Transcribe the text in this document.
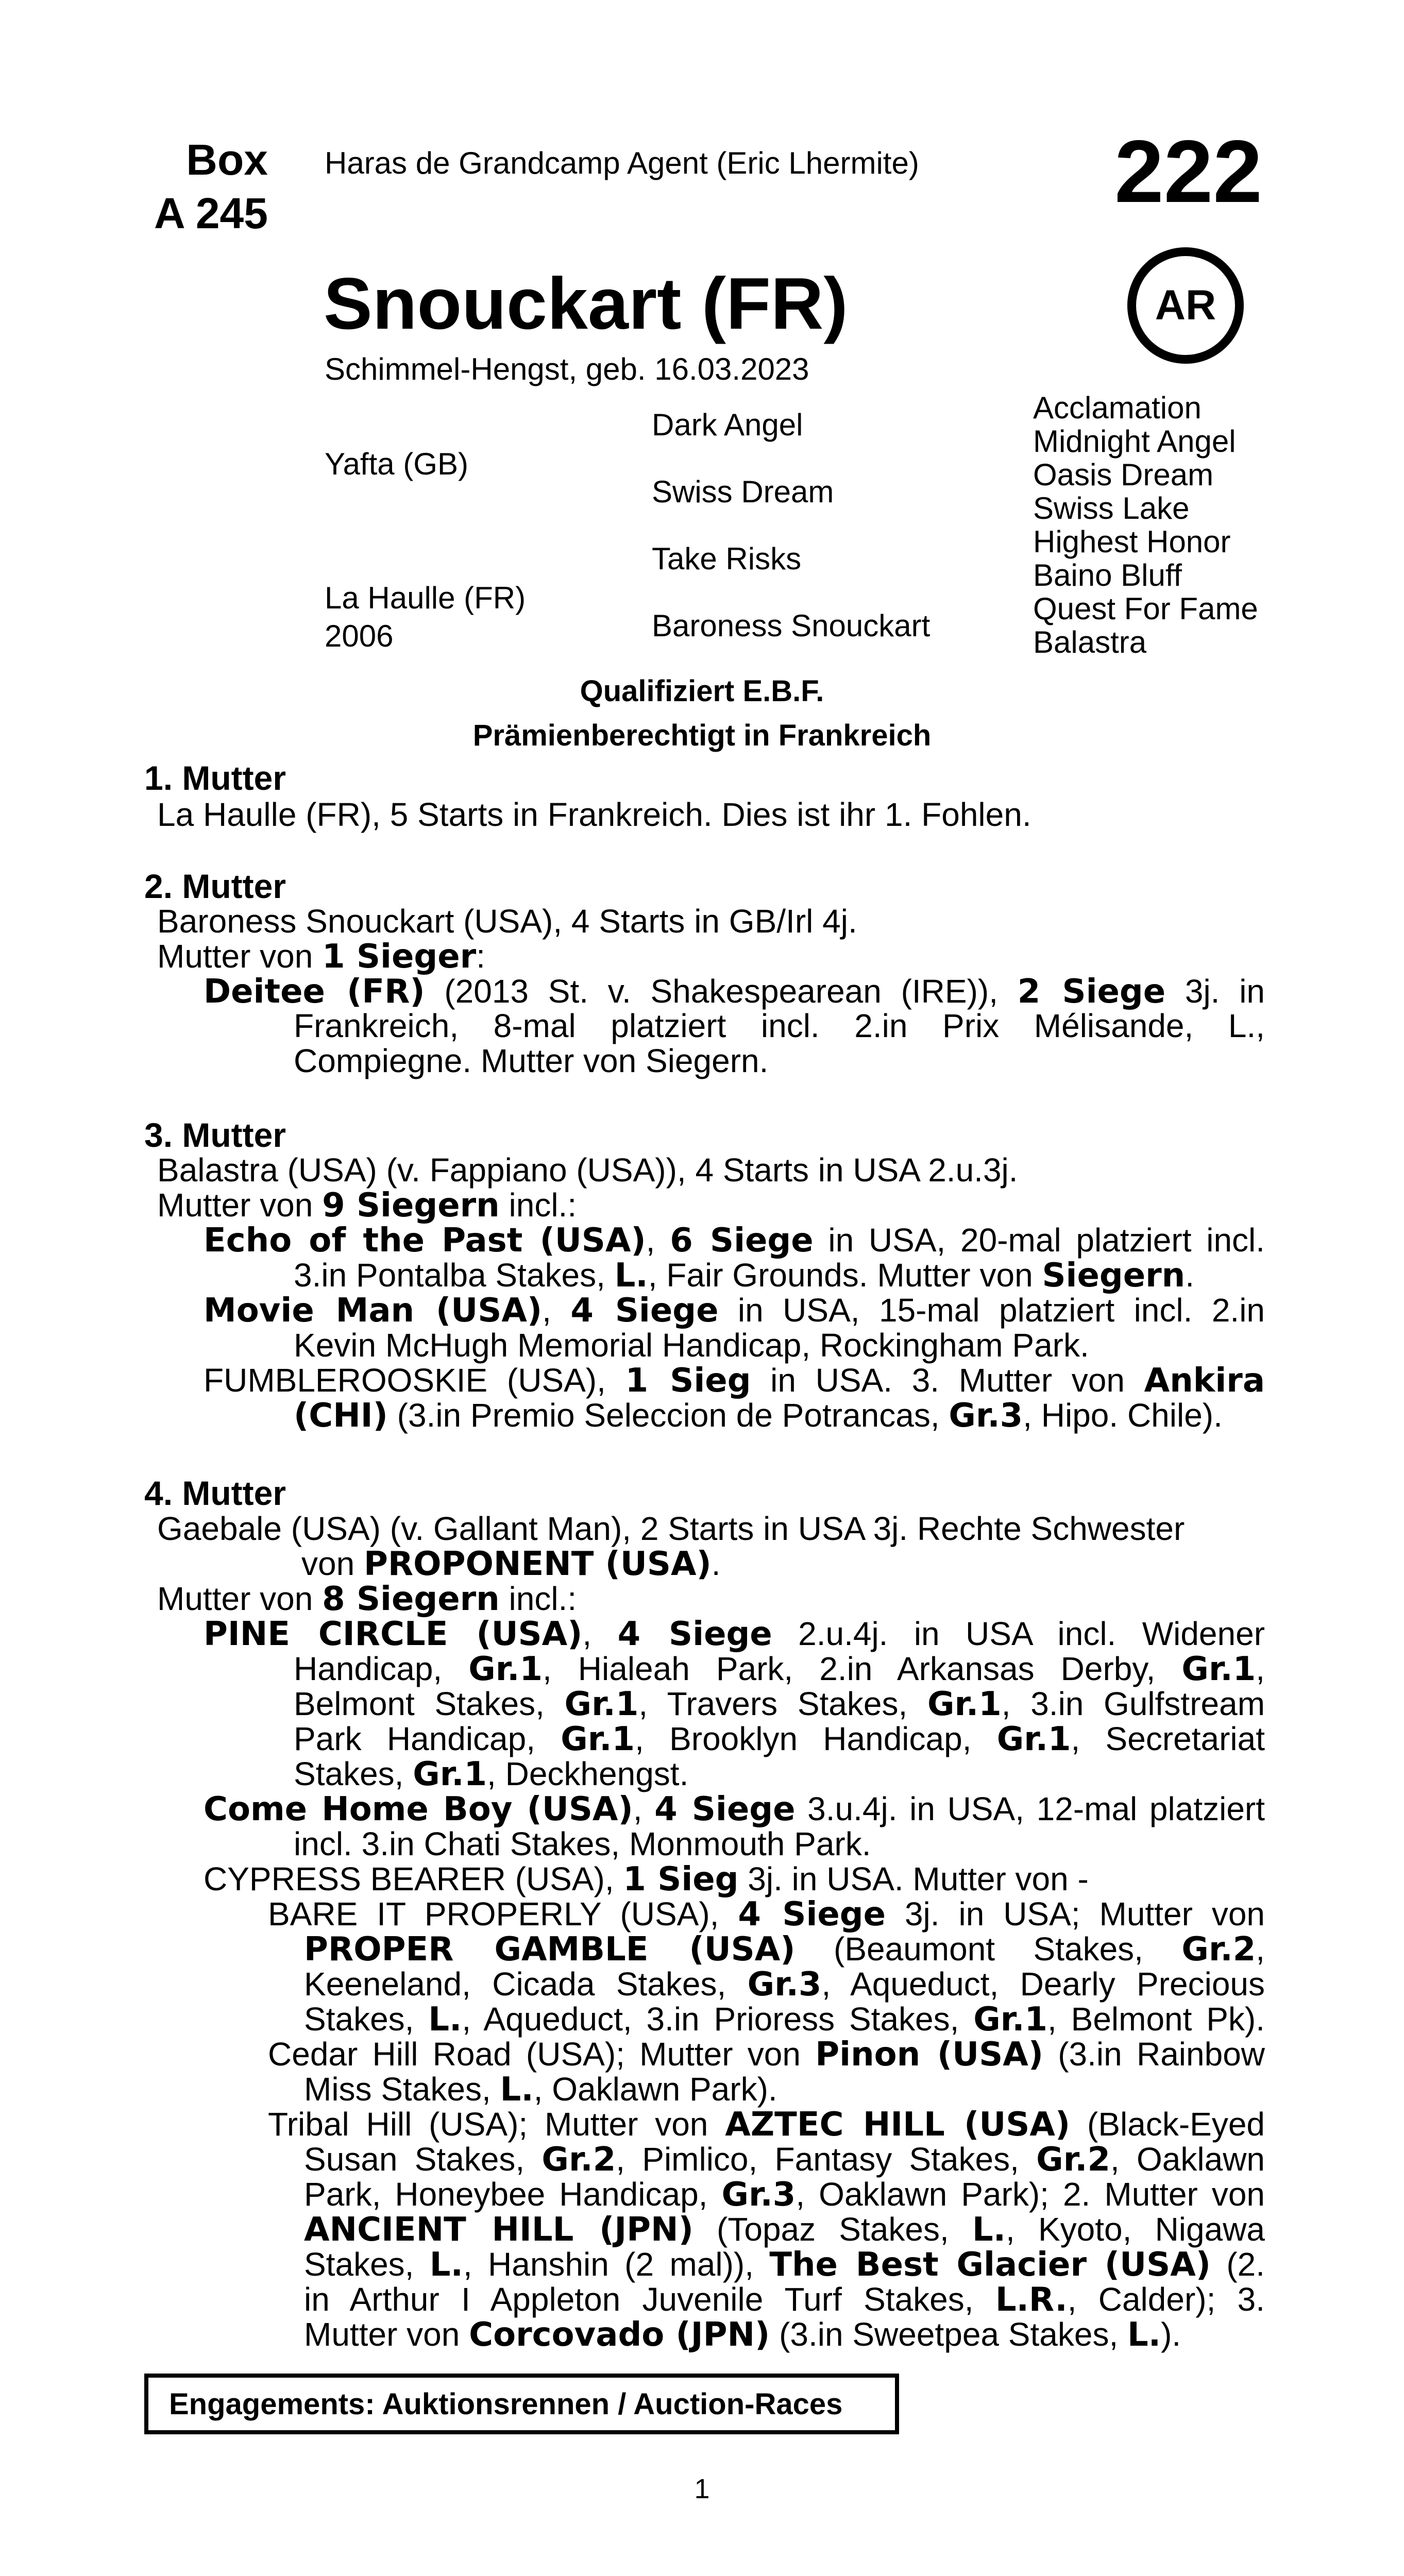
Box
A 245
Haras de Grandcamp Agent (Eric Lhermite) 222
Snouckart (FR)
Schimmel-Hengst, geb. 16.03.2023
AR
Yafta (GB)
La Haulle (FR)
2006
Dark Angel
Swiss Dream
Take Risks
Baroness Snouckart
Acclamation
Midnight Angel
Oasis Dream
Swiss Lake
Highest Honor
Baino Bluff
Quest For Fame
Balastra
Qualifiziert E.B.F.
Prämienberechtigt in Frankreich
1. Mutter
La Haulle (FR), 5 Starts in Frankreich. Dies ist ihr 1. Fohlen.
2. Mutter
Baroness Snouckart (USA), 4 Starts in GB/Irl 4j.
Mutter von 1 Sieger:
Deitee (FR) (2013 St. v. Shakespearean (IRE)), 2 Siege 3j. in
Frankreich, 8-mal platziert incl. 2.in Prix Mélisande, L., Compiegne. Mutter von Siegern.
3. Mutter
Balastra (USA) (v. Fappiano (USA)), 4 Starts in USA 2.u.3j.
Mutter von 9 Siegern incl.:
Echo of the Past (USA), 6 Siege in USA, 20-mal platziert incl.
3.in Pontalba Stakes, L., Fair Grounds. Mutter von Siegern.
Movie Man (USA), 4 Siege in USA, 15-mal platziert incl. 2.in
Kevin McHugh Memorial Handicap, Rockingham Park.
FUMBLEROOSKIE (USA), 1 Sieg in USA. 3. Mutter von Ankira
(CHI) (3.in Premio Seleccion de Potrancas, Gr.3, Hipo. Chile).
4. Mutter
Gaebale (USA) (v. Gallant Man), 2 Starts in USA 3j. Rechte Schwester
von PROPONENT (USA).
Mutter von 8 Siegern incl.:
PINE CIRCLE (USA), 4 Siege 2.u.4j. in USA incl. Widener
Handicap, Gr.1, Hialeah Park, 2.in Arkansas Derby, Gr.1,
Belmont Stakes, Gr.1, Travers Stakes, Gr.1, 3.in Gulfstream
Park Handicap, Gr.1, Brooklyn Handicap, Gr.1, Secretariat
Stakes, Gr.1, Deckhengst.
Come Home Boy (USA), 4 Siege 3.u.4j. in USA, 12-mal platziert
incl. 3.in Chati Stakes, Monmouth Park.
CYPRESS BEARER (USA), 1 Sieg 3j. in USA. Mutter von -
BARE IT PROPERLY (USA), 4 Siege 3j. in USA; Mutter von
PROPER GAMBLE (USA) (Beaumont Stakes, Gr.2,
Keeneland, Cicada Stakes, Gr.3, Aqueduct, Dearly Precious
Stakes, L., Aqueduct, 3.in Prioress Stakes, Gr.1, Belmont Pk).
Cedar Hill Road (USA); Mutter von Pinon (USA) (3.in Rainbow
Miss Stakes, L., Oaklawn Park).
Tribal Hill (USA); Mutter von AZTEC HILL (USA) (Black-Eyed
Susan Stakes, Gr.2, Pimlico, Fantasy Stakes, Gr.2, Oaklawn
Park, Honeybee Handicap, Gr.3, Oaklawn Park); 2. Mutter von
ANCIENT HILL (JPN) (Topaz Stakes, L., Kyoto, Nigawa
Stakes, L., Hanshin (2 mal)), The Best Glacier (USA) (2.
in Arthur I Appleton Juvenile Turf Stakes, L.R., Calder); 3.
Mutter von Corcovado (JPN) (3.in Sweetpea Stakes, L.).
Engagements: Auktionsrennen / Auction-Races
1
